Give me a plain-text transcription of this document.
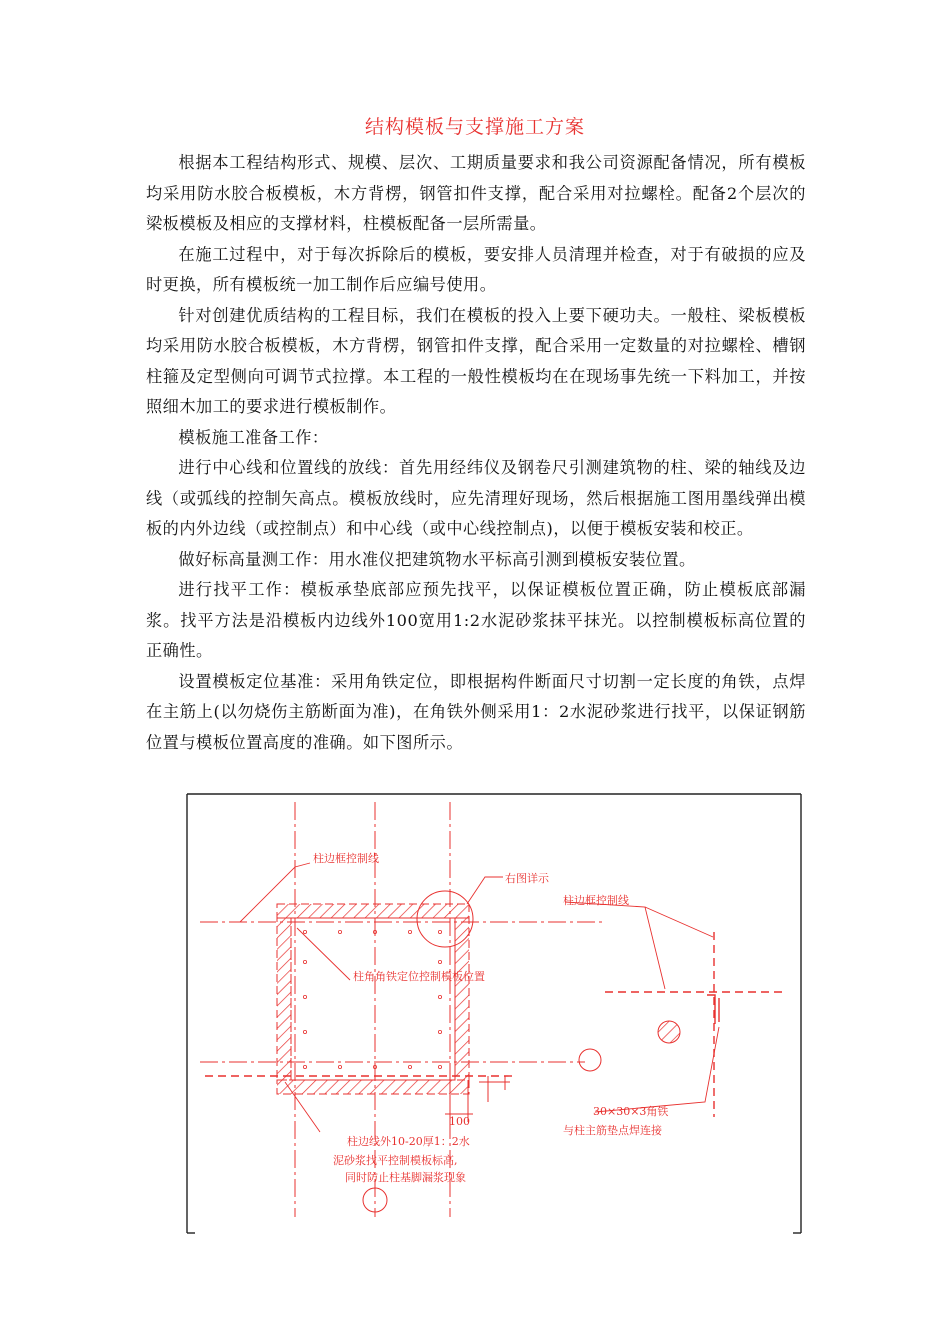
结构模板与支撑施工方案

根据本工程结构形式、规模、层次、工期质量要求和我公司资源配备情况，所有模板均采用防水胶合板模板，木方背楞，钢管扣件支撑，配合采用对拉螺栓。配备2个层次的梁板模板及相应的支撑材料，柱模板配备一层所需量。

在施工过程中，对于每次拆除后的模板，要安排人员清理并检查，对于有破损的应及时更换，所有模板统一加工制作后应编号使用。

针对创建优质结构的工程目标，我们在模板的投入上要下硬功夫。一般柱、梁板模板均采用防水胶合板模板，木方背楞，钢管扣件支撑，配合采用一定数量的对拉螺栓、槽钢柱箍及定型侧向可调节式拉撑。本工程的一般性模板均在在现场事先统一下料加工，并按照细木加工的要求进行模板制作。

模板施工准备工作：

进行中心线和位置线的放线：首先用经纬仪及钢卷尺引测建筑物的柱、梁的轴线及边线（或弧线的控制矢高点。模板放线时，应先清理好现场，然后根据施工图用墨线弹出模板的内外边线（或控制点）和中心线（或中心线控制点)，以便于模板安装和校正。

做好标高量测工作：用水准仪把建筑物水平标高引测到模板安装位置。

进行找平工作：模板承垫底部应预先找平，以保证模板位置正确，防止模板底部漏浆。找平方法是沿模板内边线外100宽用1:2水泥砂浆抹平抹光。以控制模板标高位置的正确性。

设置模板定位基准：采用角铁定位，即根据构件断面尺寸切割一定长度的角铁，点焊在主筋上(以勿烧伤主筋断面为准)，在角铁外侧采用1：2水泥砂浆进行找平，以保证钢筋位置与模板位置高度的准确。如下图所示。

柱边框控制线
右图详示
柱边框控制线
柱角角铁定位控制模板位置
100
30×30×3角铁
与柱主筋垫点焊连接
柱边线外10-20厚1：2水
泥砂浆找平控制模板标高,
同时防止柱基脚漏浆现象
